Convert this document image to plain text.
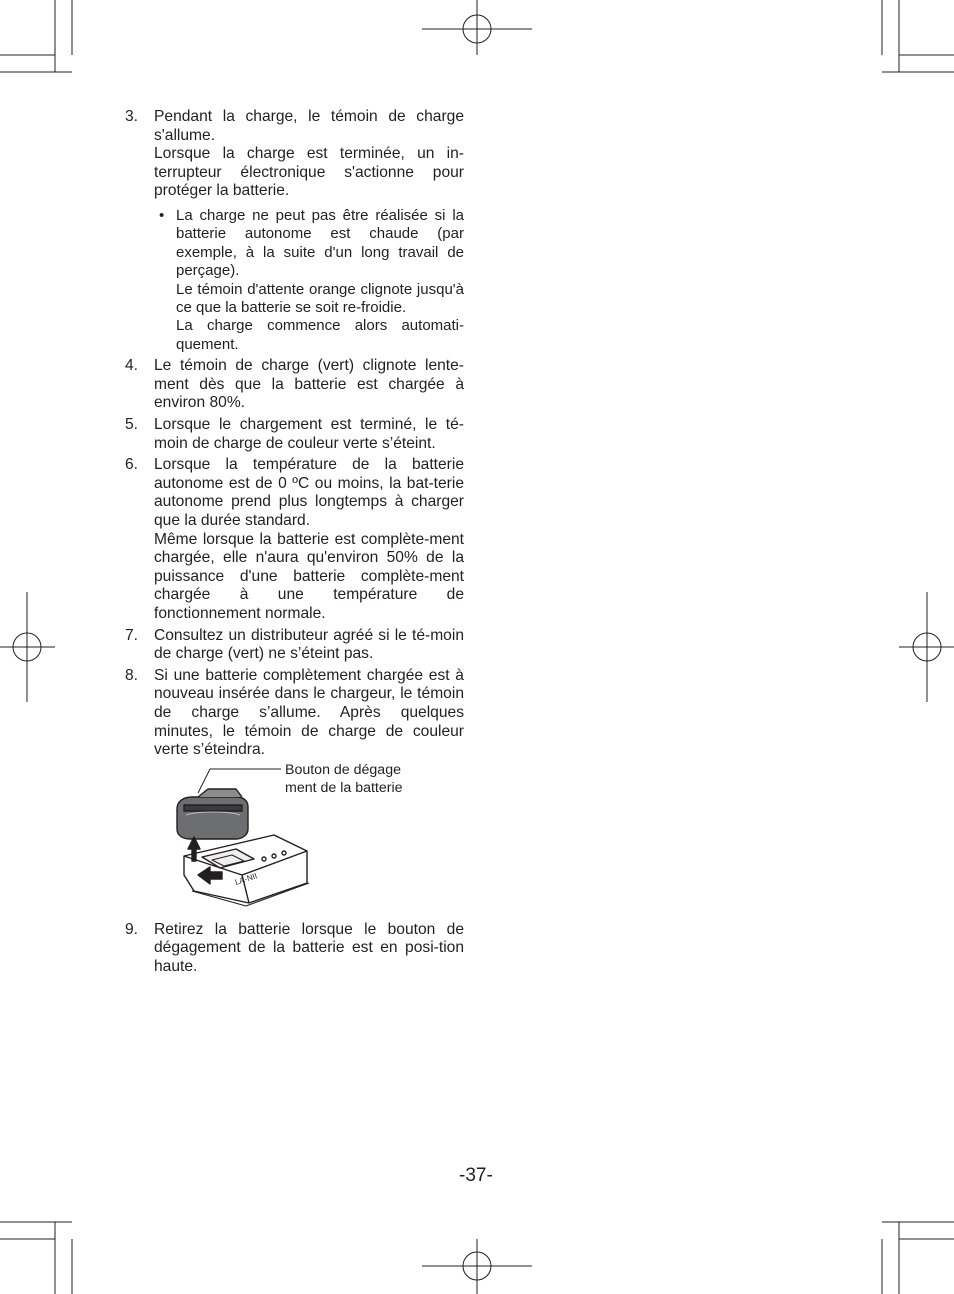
3. Pendant la charge, le témoin de charge s'allume.

Lorsque la charge est terminée, un in-terrupteur électronique s'actionne pour protéger la batterie.

• La charge ne peut pas être réalisée si la batterie autonome est chaude (par exemple, à la suite d'un long travail de perçage).

Le témoin d'attente orange clignote jusqu'à ce que la batterie se soit re-froidie.

La charge commence alors automati-quement.

4. Le témoin de charge (vert) clignote lente-ment dès que la batterie est chargée à environ 80%.

5. Lorsque le chargement est terminé, le té-moin de charge de couleur verte s’éteint.

6. Lorsque la température de la batterie autonome est de 0 ºC ou moins, la bat-terie autonome prend plus longtemps à charger que la durée standard.

Même lorsque la batterie est complète-ment chargée, elle n'aura qu'environ 50% de la puissance d'une batterie complète-ment chargée à une température de fonctionnement normale.

7. Consultez un distributeur agréé si le té-moin de charge (vert) ne s’éteint pas.

8. Si une batterie complètement chargée est à nouveau insérée dans le chargeur, le témoin de charge s’allume. Après quelques minutes, le témoin de charge de couleur verte s’éteindra.

Bouton de dégage
ment de la batterie
LA-NII
9. Retirez la batterie lorsque le bouton de dégagement de la batterie est en posi-tion haute.

-37-
